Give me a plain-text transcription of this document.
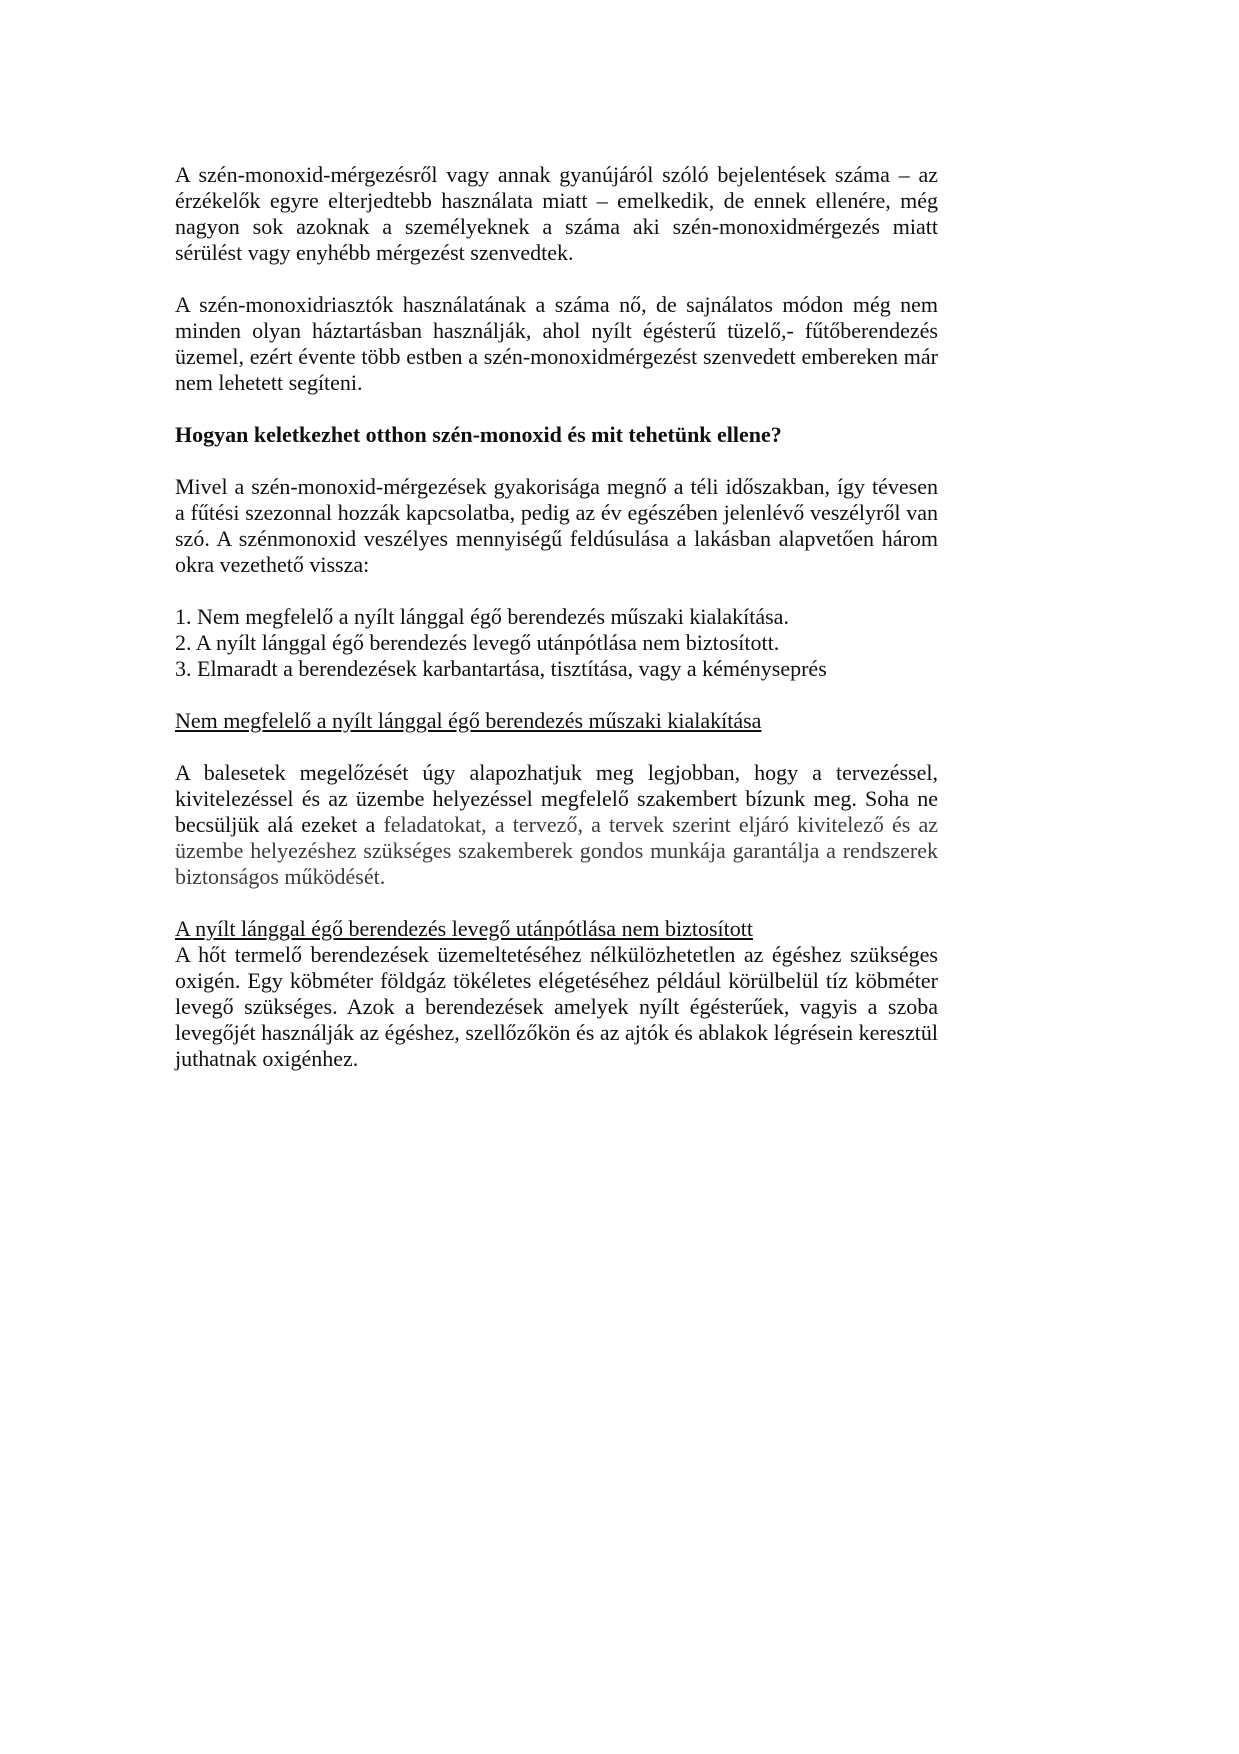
A szén-monoxid-mérgezésről vagy annak gyanújáról szóló bejelentések száma – az érzékelők egyre elterjedtebb használata miatt – emelkedik, de ennek ellenére, még nagyon sok azoknak a személyeknek a száma aki szén-monoxidmérgezés miatt sérülést vagy enyhébb mérgezést szenvedtek.

A szén-monoxidriasztók használatának a száma nő, de sajnálatos módon még nem minden olyan háztartásban használják, ahol nyílt égésterű tüzelő,- fűtőberendezés üzemel, ezért évente több estben a szén-monoxidmérgezést szenvedett embereken már nem lehetett segíteni.

Hogyan keletkezhet otthon szén-monoxid és mit tehetünk ellene?

Mivel a szén-monoxid-mérgezések gyakorisága megnő a téli időszakban, így tévesen a fűtési szezonnal hozzák kapcsolatba, pedig az év egészében jelenlévő veszélyről van szó. A szénmonoxid veszélyes mennyiségű feldúsulása a lakásban alapvetően három okra vezethető vissza:

1. Nem megfelelő a nyílt lánggal égő berendezés műszaki kialakítása.
2. A nyílt lánggal égő berendezés levegő utánpótlása nem biztosított.
3. Elmaradt a berendezések karbantartása, tisztítása, vagy a kéményseprés
Nem megfelelő a nyílt lánggal égő berendezés műszaki kialakítása

A balesetek megelőzését úgy alapozhatjuk meg legjobban, hogy a tervezéssel, kivitelezéssel és az üzembe helyezéssel megfelelő szakembert bízunk meg. Soha ne becsüljük alá ezeket a feladatokat, a tervező, a tervek szerint eljáró kivitelező és az üzembe helyezéshez szükséges szakemberek gondos munkája garantálja a rendszerek biztonságos működését.

A nyílt lánggal égő berendezés levegő utánpótlása nem biztosított

A hőt termelő berendezések üzemeltetéséhez nélkülözhetetlen az égéshez szükséges oxigén. Egy köbméter földgáz tökéletes elégetéséhez például körülbelül tíz köbméter levegő szükséges. Azok a berendezések amelyek nyílt égésterűek, vagyis a szoba levegőjét használják az égéshez, szellőzőkön és az ajtók és ablakok légrésein keresztül juthatnak oxigénhez.
